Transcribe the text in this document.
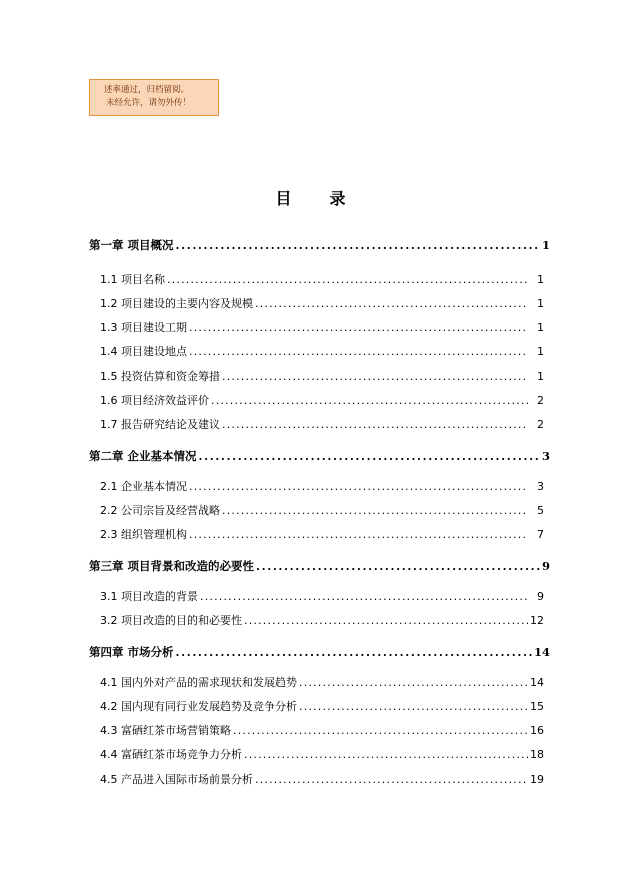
述率通过，归档留阅。
未经允许，请勿外传！
目 录
第一章 项目概况 .....	1
1.1 项目名称 .....	1
1.2 项目建设的主要内容及规模 .....	1
1.3 项目建设工期 .....	1
1.4 项目建设地点 .....	1
1.5 投资估算和资金筹措 .....	1
1.6 项目经济效益评价 .....	2
1.7 报告研究结论及建议 .....	2
第二章 企业基本情况 .....	3
2.1 企业基本情况 .....	3
2.2 公司宗旨及经营战略 .....	5
2.3 组织管理机构 .....	7
第三章 项目背景和改造的必要性 .....	9
3.1 项目改造的背景 .....	9
3.2 项目改造的目的和必要性 .....	12
第四章 市场分析 .....	14
4.1 国内外对产品的需求现状和发展趋势 .....	14
4.2 国内现有同行业发展趋势及竞争分析 .....	15
4.3 富硒红茶市场营销策略 .....	16
4.4 富硒红茶市场竞争力分析 .....	18
4.5 产品进入国际市场前景分析 .....	19
